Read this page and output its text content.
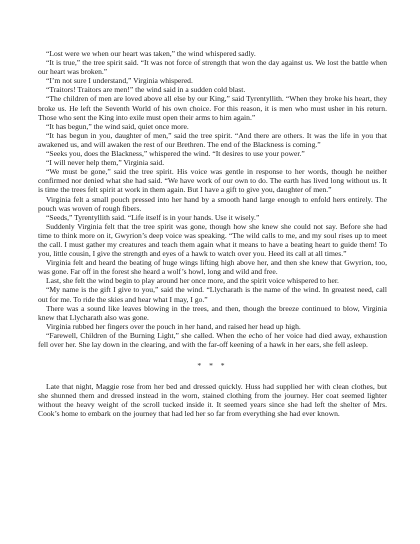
“Lost were we when our heart was taken,” the wind whispered sadly.

“It is true,” the tree spirit said. “It was not force of strength that won the day against us. We lost the battle when our heart was broken.”

“I’m not sure I understand,” Virginia whispered.

“Traitors! Traitors are men!” the wind said in a sudden cold blast.

“The children of men are loved above all else by our King,” said Tyrentyllith. “When they broke his heart, they broke us. He left the Seventh World of his own choice. For this reason, it is men who must usher in his return. Those who sent the King into exile must open their arms to him again.”

“It has begun,” the wind said, quiet once more.

“It has begun in you, daughter of men,” said the tree spirit. “And there are others. It was the life in you that awakened us, and will awaken the rest of our Brethren. The end of the Blackness is coming.”

“Seeks you, does the Blackness,” whispered the wind. “It desires to use your power.”

“I will never help them,” Virginia said.

“We must be gone,” said the tree spirit. His voice was gentle in response to her words, though he neither confirmed nor denied what she had said. “We have work of our own to do. The earth has lived long without us. It is time the trees felt spirit at work in them again. But I have a gift to give you, daughter of men.”

Virginia felt a small pouch pressed into her hand by a smooth hand large enough to enfold hers entirely. The pouch was woven of rough fibers.

“Seeds,” Tyrentyllith said. “Life itself is in your hands. Use it wisely.”

Suddenly Virginia felt that the tree spirit was gone, though how she knew she could not say. Before she had time to think more on it, Gwyrion’s deep voice was speaking. “The wild calls to me, and my soul rises up to meet the call. I must gather my creatures and teach them again what it means to have a beating heart to guide them! To you, little cousin, I give the strength and eyes of a hawk to watch over you. Heed its call at all times.”

Virginia felt and heard the beating of huge wings lifting high above her, and then she knew that Gwyrion, too, was gone. Far off in the forest she heard a wolf’s howl, long and wild and free.

Last, she felt the wind begin to play around her once more, and the spirit voice whispered to her.

“My name is the gift I give to you,” said the wind. “Llycharath is the name of the wind. In greatest need, call out for me. To ride the skies and hear what I may, I go.”

There was a sound like leaves blowing in the trees, and then, though the breeze continued to blow, Virginia knew that Llycharath also was gone.

Virginia rubbed her fingers over the pouch in her hand, and raised her head up high.

“Farewell, Children of the Burning Light,” she called. When the echo of her voice had died away, exhaustion fell over her. She lay down in the clearing, and with the far-off keening of a hawk in her ears, she fell asleep.

* * *

Late that night, Maggie rose from her bed and dressed quickly. Huss had supplied her with clean clothes, but she shunned them and dressed instead in the worn, stained clothing from the journey. Her coat seemed lighter without the heavy weight of the scroll tucked inside it. It seemed years since she had left the shelter of Mrs. Cook’s home to embark on the journey that had led her so far from everything she had ever known.
